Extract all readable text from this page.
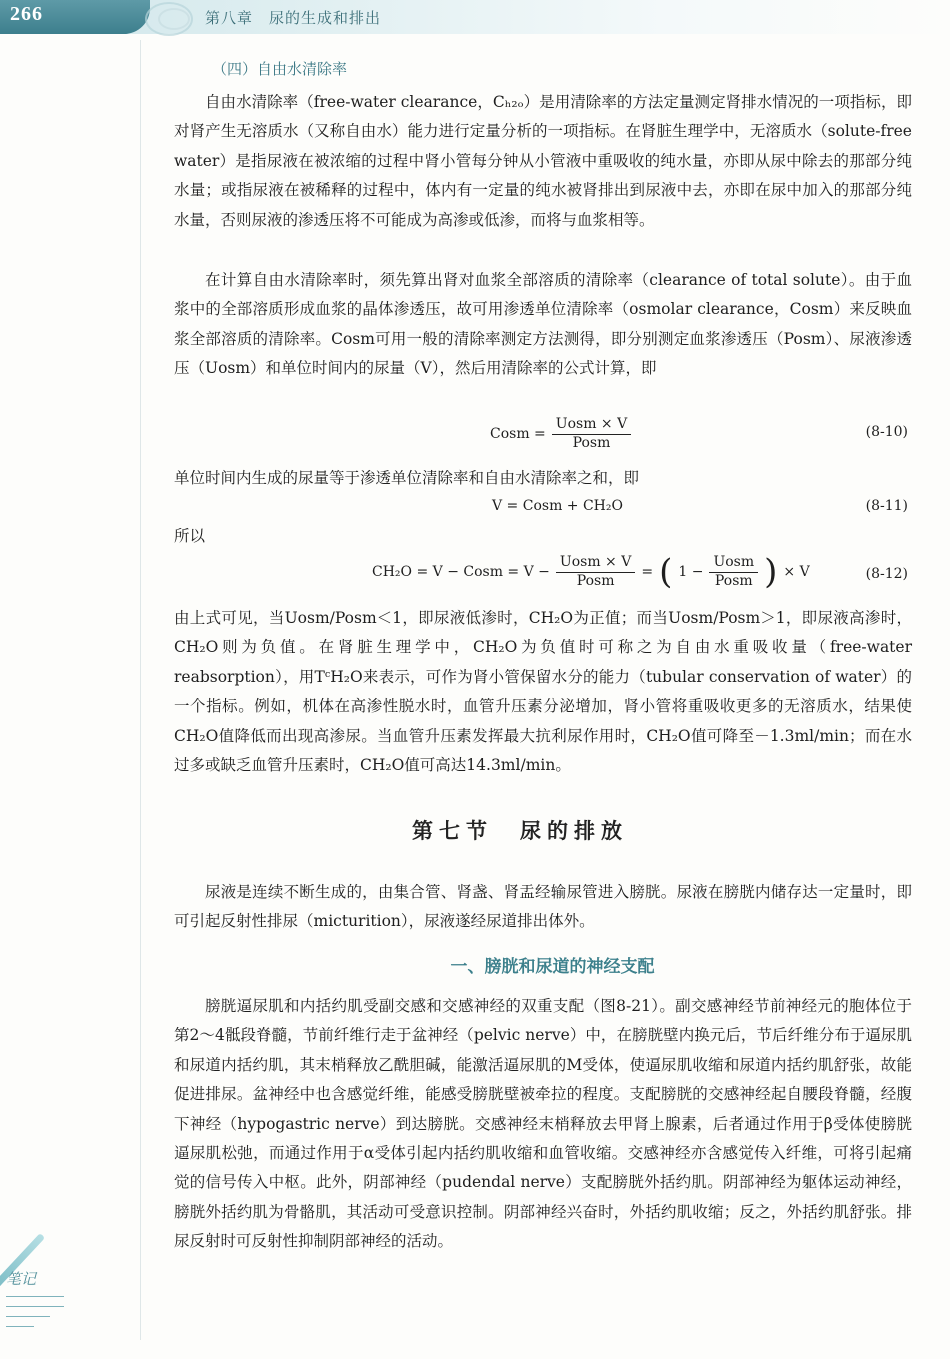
266	第八章　尿的生成和排出
（四）自由水清除率

自由水清除率（free-water clearance，Cₕ₂ₒ）是用清除率的方法定量测定肾排水情况的一项指标，即对肾产生无溶质水（又称自由水）能力进行定量分析的一项指标。在肾脏生理学中，无溶质水（solute-free water）是指尿液在被浓缩的过程中肾小管每分钟从小管液中重吸收的纯水量，亦即从尿中除去的那部分纯水量；或指尿液在被稀释的过程中，体内有一定量的纯水被肾排出到尿液中去，亦即在尿中加入的那部分纯水量，否则尿液的渗透压将不可能成为高渗或低渗，而将与血浆相等。

在计算自由水清除率时，须先算出肾对血浆全部溶质的清除率（clearance of total solute）。由于血浆中的全部溶质形成血浆的晶体渗透压，故可用渗透单位清除率（osmolar clearance，Cosm）来反映血浆全部溶质的清除率。Cosm可用一般的清除率测定方法测得，即分别测定血浆渗透压（Posm）、尿液渗透压（Uosm）和单位时间内的尿量（V），然后用清除率的公式计算，即

Cosm = $\frac{\text{Uosm × V}}{\text{Posm}}$	(8-10)

单位时间内生成的尿量等于渗透单位清除率和自由水清除率之和，即

V = Cosm + CH₂O	(8-11)

所以

CH₂O = V − Cosm = $V - \frac{\text{Uosm × V}}{\text{Posm}}$ = ( $1 - \frac{\text{Uosm}}{\text{Posm}}$ ) × V	(8-12)

由上式可见，当Uosm/Posm＜1，即尿液低渗时，CH₂O为正值；而当Uosm/Posm＞1，即尿液高渗时，CH₂O则为负值。在肾脏生理学中，CH₂O为负值时可称之为自由水重吸收量（free-water reabsorption），用TᶜH₂O来表示，可作为肾小管保留水分的能力（tubular conservation of water）的一个指标。例如，机体在高渗性脱水时，血管升压素分泌增加，肾小管将重吸收更多的无溶质水，结果使CH₂O值降低而出现高渗尿。当血管升压素发挥最大抗利尿作用时，CH₂O值可降至－1.3ml/min；而在水过多或缺乏血管升压素时，CH₂O值可高达14.3ml/min。

第七节　尿的排放

尿液是连续不断生成的，由集合管、肾盏、肾盂经输尿管进入膀胱。尿液在膀胱内储存达一定量时，即可引起反射性排尿（micturition），尿液遂经尿道排出体外。

一、膀胱和尿道的神经支配

膀胱逼尿肌和内括约肌受副交感和交感神经的双重支配（图8-21）。副交感神经节前神经元的胞体位于第2～4骶段脊髓，节前纤维行走于盆神经（pelvic nerve）中，在膀胱壁内换元后，节后纤维分布于逼尿肌和尿道内括约肌，其末梢释放乙酰胆碱，能激活逼尿肌的M受体，使逼尿肌收缩和尿道内括约肌舒张，故能促进排尿。盆神经中也含感觉纤维，能感受膀胱壁被牵拉的程度。支配膀胱的交感神经起自腰段脊髓，经腹下神经（hypogastric nerve）到达膀胱。交感神经末梢释放去甲肾上腺素，后者通过作用于β受体使膀胱逼尿肌松弛，而通过作用于α受体引起内括约肌收缩和血管收缩。交感神经亦含感觉传入纤维，可将引起痛觉的信号传入中枢。此外，阴部神经（pudendal nerve）支配膀胱外括约肌。阴部神经为躯体运动神经，膀胱外括约肌为骨骼肌，其活动可受意识控制。阴部神经兴奋时，外括约肌收缩；反之，外括约肌舒张。排尿反射时可反射性抑制阴部神经的活动。

笔记
